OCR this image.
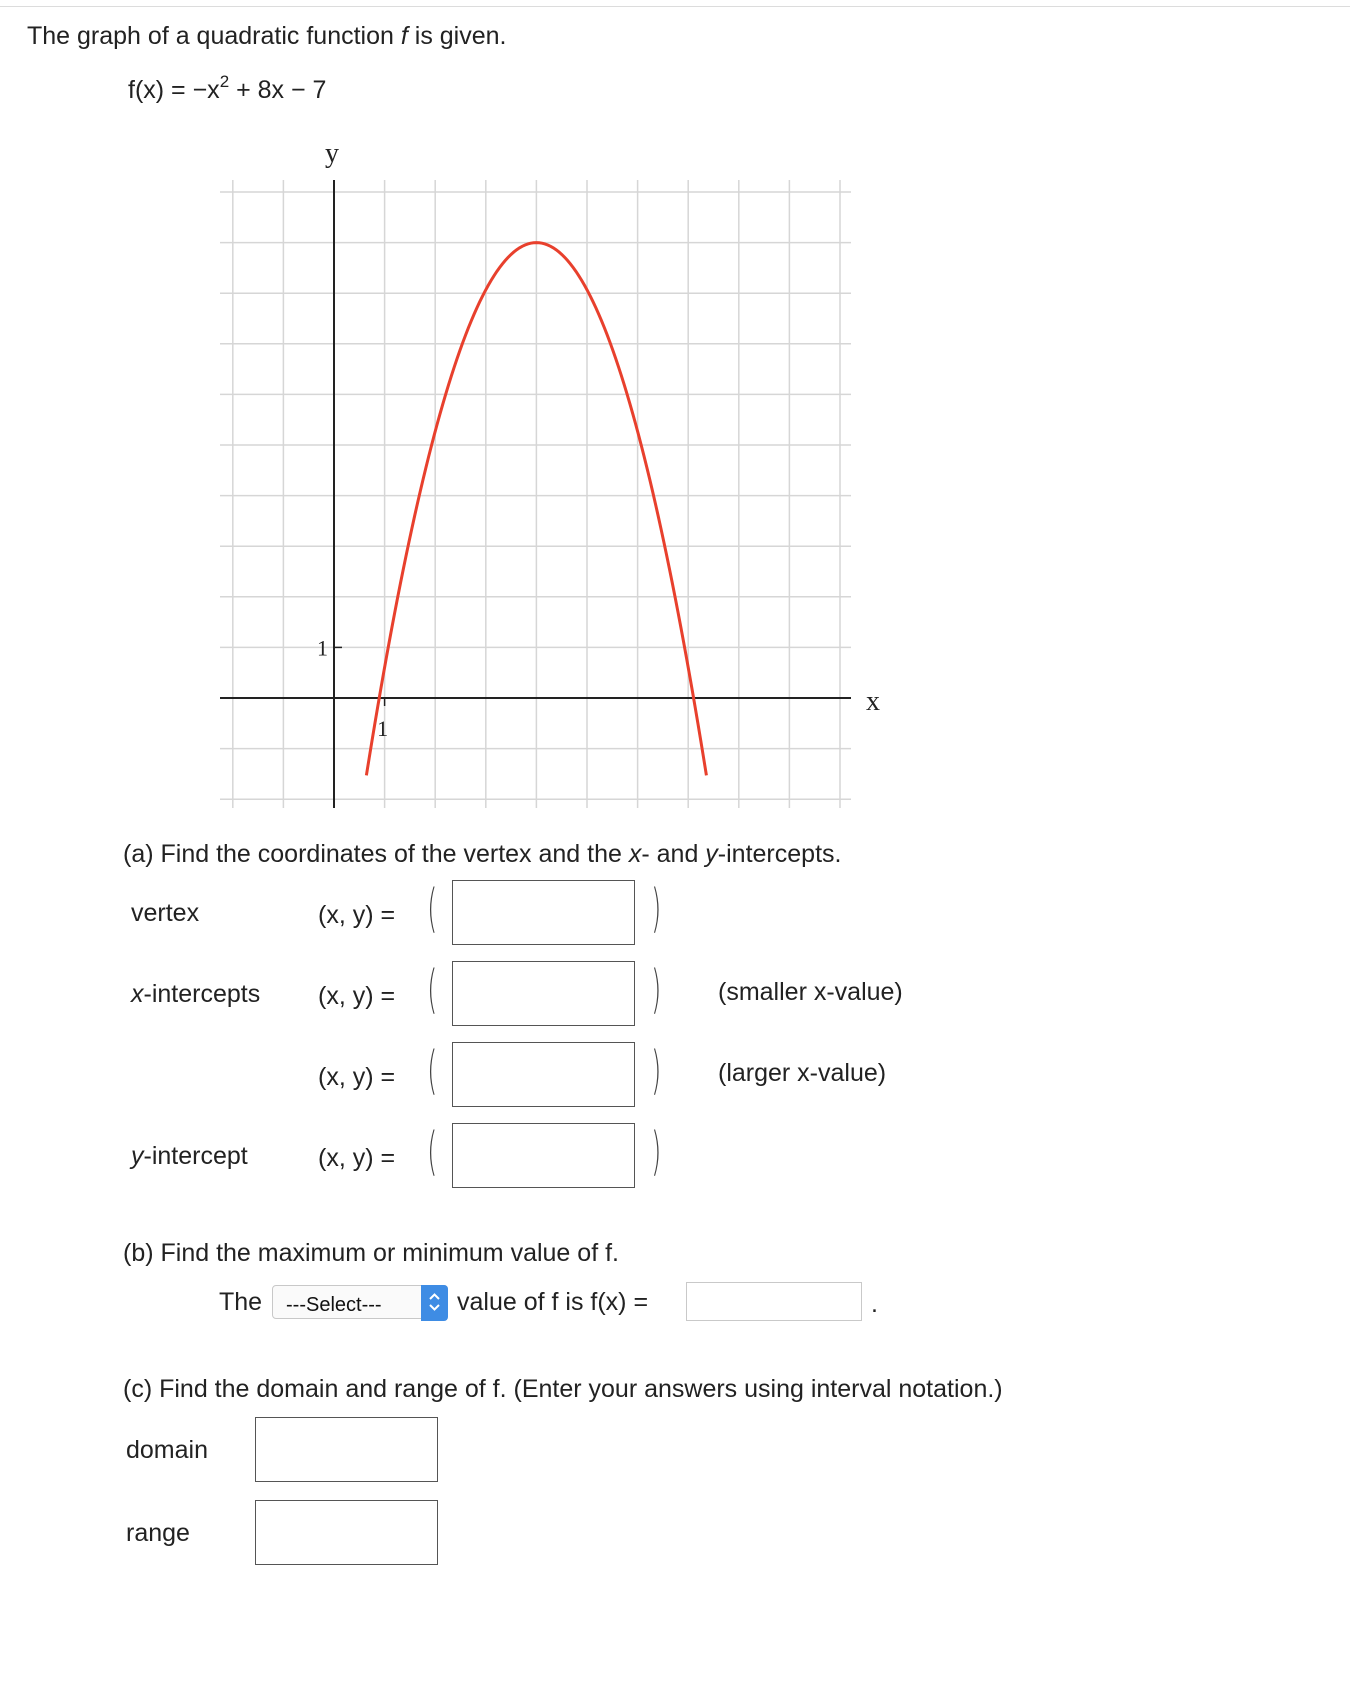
The graph of a quadratic function f is given.
$f(x) = -x^2 + 8x - 7$
y
x
1
1
(a) Find the coordinates of the vertex and the x- and y-intercepts.
vertex	(x, y) = (	)
x-intercepts (x, y) = (	) (smaller x-value)
(x, y) = (	) (larger x-value)
y-intercept	(x, y) = (	)
(b) Find the maximum or minimum value of f.
The ---Select---	value of f is f(x) =	.
(c) Find the domain and range of f. (Enter your answers using interval notation.)
domain
range
